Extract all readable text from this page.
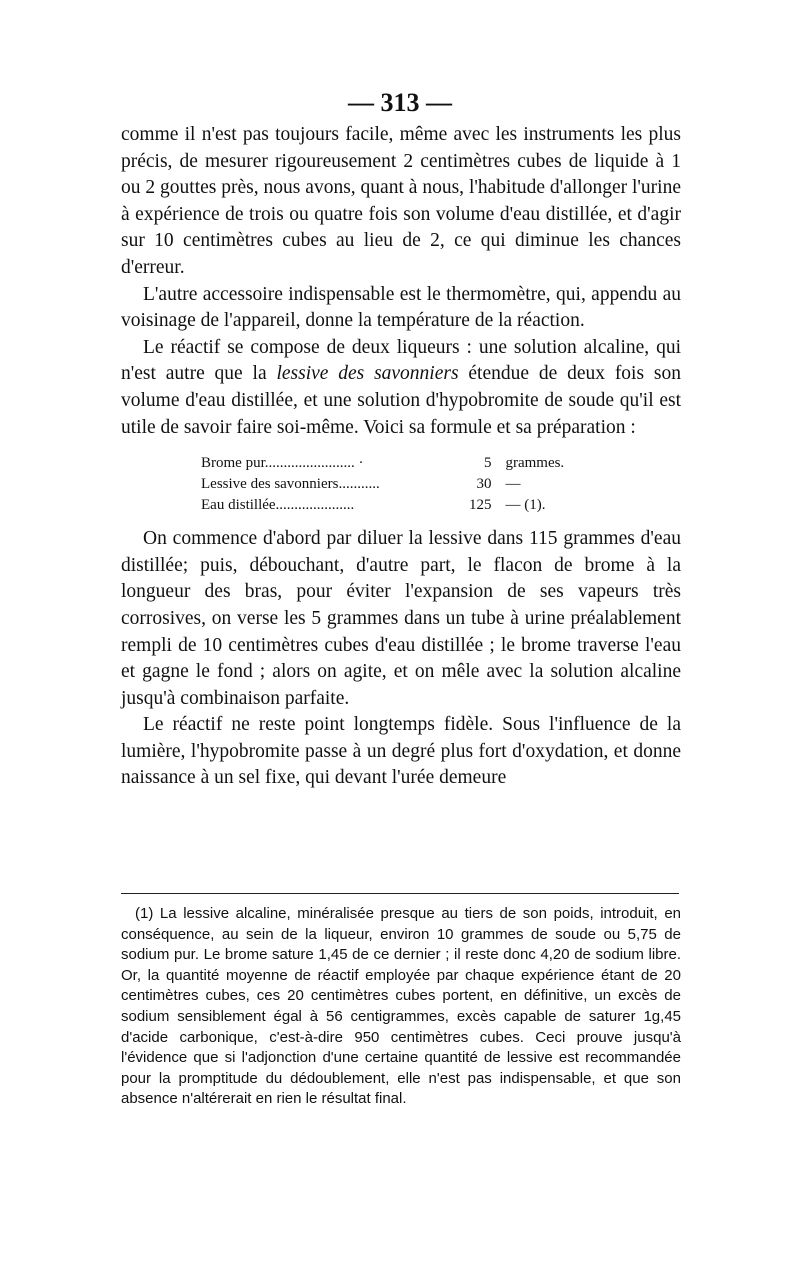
— 313 —

comme il n'est pas toujours facile, même avec les instruments les plus précis, de mesurer rigoureusement 2 centimètres cubes de liquide à 1 ou 2 gouttes près, nous avons, quant à nous, l'habitude d'allonger l'urine à expérience de trois ou quatre fois son volume d'eau distillée, et d'agir sur 10 centimètres cubes au lieu de 2, ce qui diminue les chances d'erreur.

L'autre accessoire indispensable est le thermomètre, qui, appendu au voisinage de l'appareil, donne la température de la réaction.

Le réactif se compose de deux liqueurs : une solution alcaline, qui n'est autre que la lessive des savonniers étendue de deux fois son volume d'eau distillée, et une solution d'hypobromite de soude qu'il est utile de savoir faire soi-même. Voici sa formule et sa préparation :

Brome pur........................ ·	5 grammes.
Lessive des savonniers...........	30 —
Eau distillée.....................	125 — (1).

On commence d'abord par diluer la lessive dans 115 grammes d'eau distillée; puis, débouchant, d'autre part, le flacon de brome à la longueur des bras, pour éviter l'expansion de ses vapeurs très corrosives, on verse les 5 grammes dans un tube à urine préalablement rempli de 10 centimètres cubes d'eau distillée ; le brome traverse l'eau et gagne le fond ; alors on agite, et on mêle avec la solution alcaline jusqu'à combinaison parfaite.

Le réactif ne reste point longtemps fidèle. Sous l'influence de la lumière, l'hypobromite passe à un degré plus fort d'oxydation, et donne naissance à un sel fixe, qui devant l'urée demeure

(1) La lessive alcaline, minéralisée presque au tiers de son poids, introduit, en conséquence, au sein de la liqueur, environ 10 grammes de soude ou 5,75 de sodium pur. Le brome sature 1,45 de ce dernier ; il reste donc 4,20 de sodium libre. Or, la quantité moyenne de réactif employée par chaque expérience étant de 20 centimètres cubes, ces 20 centimètres cubes portent, en définitive, un excès de sodium sensiblement égal à 56 centigrammes, excès capable de saturer 1g,45 d'acide carbonique, c'est-à-dire 950 centimètres cubes. Ceci prouve jusqu'à l'évidence que si l'adjonction d'une certaine quantité de lessive est recommandée pour la promptitude du dédoublement, elle n'est pas indispensable, et que son absence n'altérerait en rien le résultat final.
